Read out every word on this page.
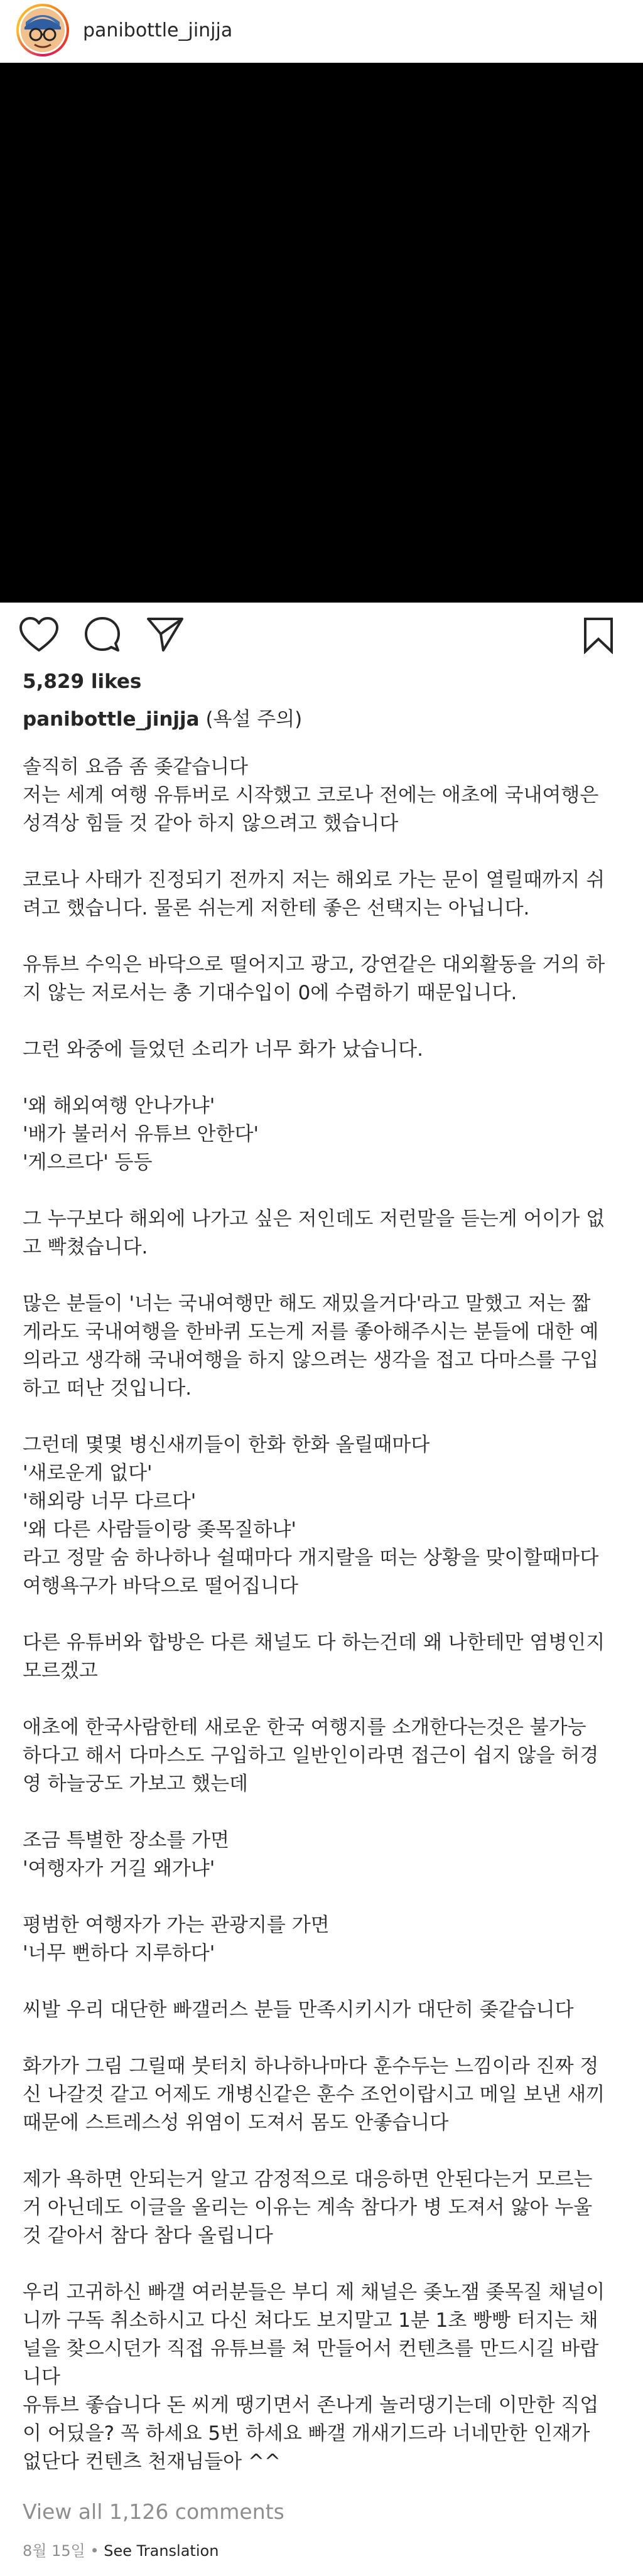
panibottle_jinjja
5,829 likes
panibottle_jinjja (욕설 주의)
솔직히 요즘 좀 좆같습니다
저는 세계 여행 유튜버로 시작했고 코로나 전에는 애초에 국내여행은
성격상 힘들 것 같아 하지 않으려고 했습니다
코로나 사태가 진정되기 전까지 저는 해외로 가는 문이 열릴때까지 쉬
려고 했습니다. 물론 쉬는게 저한테 좋은 선택지는 아닙니다.
유튜브 수익은 바닥으로 떨어지고 광고, 강연같은 대외활동을 거의 하
지 않는 저로서는 총 기대수입이 0에 수렴하기 때문입니다.
그런 와중에 들었던 소리가 너무 화가 났습니다.
'왜 해외여행 안나가냐'
'배가 불러서 유튜브 안한다'
'게으르다' 등등
그 누구보다 해외에 나가고 싶은 저인데도 저런말을 듣는게 어이가 없
고 빡쳤습니다.
많은 분들이 '너는 국내여행만 해도 재밌을거다'라고 말했고 저는 짧
게라도 국내여행을 한바퀴 도는게 저를 좋아해주시는 분들에 대한 예
의라고 생각해 국내여행을 하지 않으려는 생각을 접고 다마스를 구입
하고 떠난 것입니다.
그런데 몇몇 병신새끼들이 한화 한화 올릴때마다
'새로운게 없다'
'해외랑 너무 다르다'
'왜 다른 사람들이랑 좆목질하냐'
라고 정말 숨 하나하나 쉴때마다 개지랄을 떠는 상황을 맞이할때마다
여행욕구가 바닥으로 떨어집니다
다른 유튜버와 합방은 다른 채널도 다 하는건데 왜 나한테만 염병인지
모르겠고
애초에 한국사람한테 새로운 한국 여행지를 소개한다는것은 불가능
하다고 해서 다마스도 구입하고 일반인이라면 접근이 쉽지 않을 허경
영 하늘궁도 가보고 했는데
조금 특별한 장소를 가면
'여행자가 거길 왜가냐'
평범한 여행자가 가는 관광지를 가면
'너무 뻔하다 지루하다'
씨발 우리 대단한 빠갤러스 분들 만족시키시가 대단히 좆같습니다
화가가 그림 그릴때 붓터치 하나하나마다 훈수두는 느낌이라 진짜 정
신 나갈것 같고 어제도 개병신같은 훈수 조언이랍시고 메일 보낸 새끼
때문에 스트레스성 위염이 도져서 몸도 안좋습니다
제가 욕하면 안되는거 알고 감정적으로 대응하면 안된다는거 모르는
거 아닌데도 이글을 올리는 이유는 계속 참다가 병 도져서 앓아 누울
것 같아서 참다 참다 올립니다
우리 고귀하신 빠갤 여러분들은 부디 제 채널은 좆노잼 좆목질 채널이
니까 구독 취소하시고 다신 쳐다도 보지말고 1분 1초 빵빵 터지는 채
널을 찾으시던가 직접 유튜브를 쳐 만들어서 컨텐츠를 만드시길 바랍
니다
유튜브 좋습니다 돈 씨게 땡기면서 존나게 놀러댕기는데 이만한 직업
이 어딨을? 꼭 하세요 5번 하세요 빠갤 개새기드라 너네만한 인재가
없단다 컨텐츠 천재님들아 ^^
View all 1,126 comments
8월 15일 • See Translation
